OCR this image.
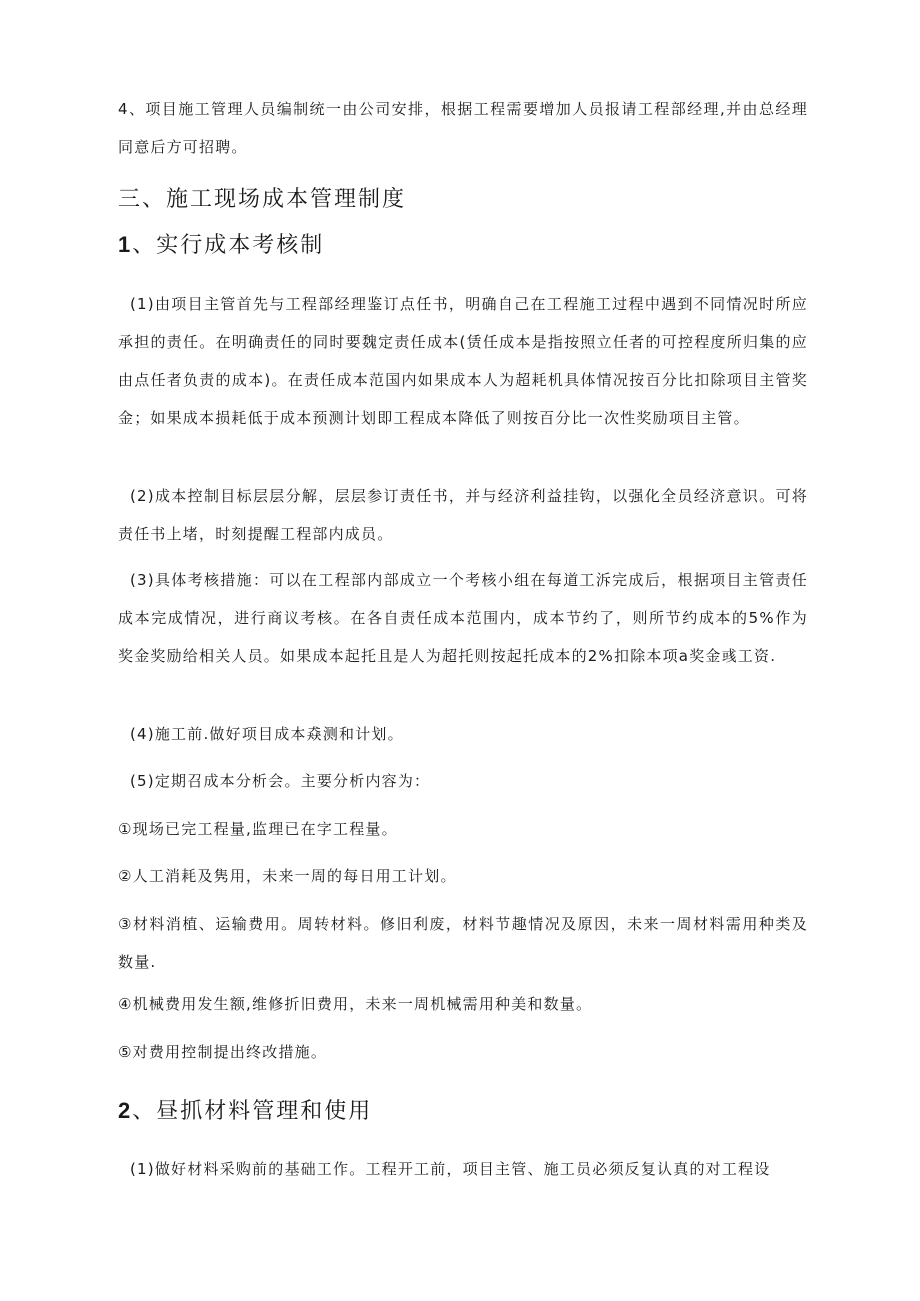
4、项目施工管理人员编制统一由公司安排，根据工程需要增加人员报请工程部经理,并由总经理同意后方可招聘。

三、施工现场成本管理制度
1、实行成本考核制

(1)由项目主管首先与工程部经理鉴订点任书，明确自己在工程施工过程中遇到不同情况时所应承担的责任。在明确责任的同时要魏定责任成本(赁任成本是指按照立任者的可控程度所归集的应由点任者负责的成本)。在责任成本范国内如果成本人为超耗机具体情况按百分比扣除项目主管奖金；如果成本损耗低于成本预测计划即工程成本降低了则按百分比一次性奖励项目主管。

(2)成本控制目标层层分解，层层参订责任书，并与经济利益挂钩，以强化全员经济意识。可将责任书上堵，时刻提醒工程部内成员。

(3)具体考核措施：可以在工程部内部成立一个考核小组在每道工泝完成后，根据项目主管责任成本完成情况，进行商议考核。在各自责任成本范围内，成本节约了，则所节约成本的5%作为奖金奖励给相关人员。如果成本起托且是人为超托则按起托成本的2%扣除本项a奖金彧工资.

(4)施工前.做好项目成本猋测和计划。

(5)定期召成本分析会。主要分析内容为：

①现场已完工程量,监理已在字工程量。

②人工消耗及隽用，未来一周的每日用工计划。

③材料消植、运输费用。周转材料。修旧利废，材料节趣情况及原因，未来一周材料需用种类及数量.

④机械费用发生额,维修折旧费用，未来一周机械需用种美和数量。

⑤对费用控制提出终改措施。

2、昼抓材料管理和使用

(1)做好材料采购前的基础工作。工程开工前，项目主管、施工员必须反复认真的对工程设
